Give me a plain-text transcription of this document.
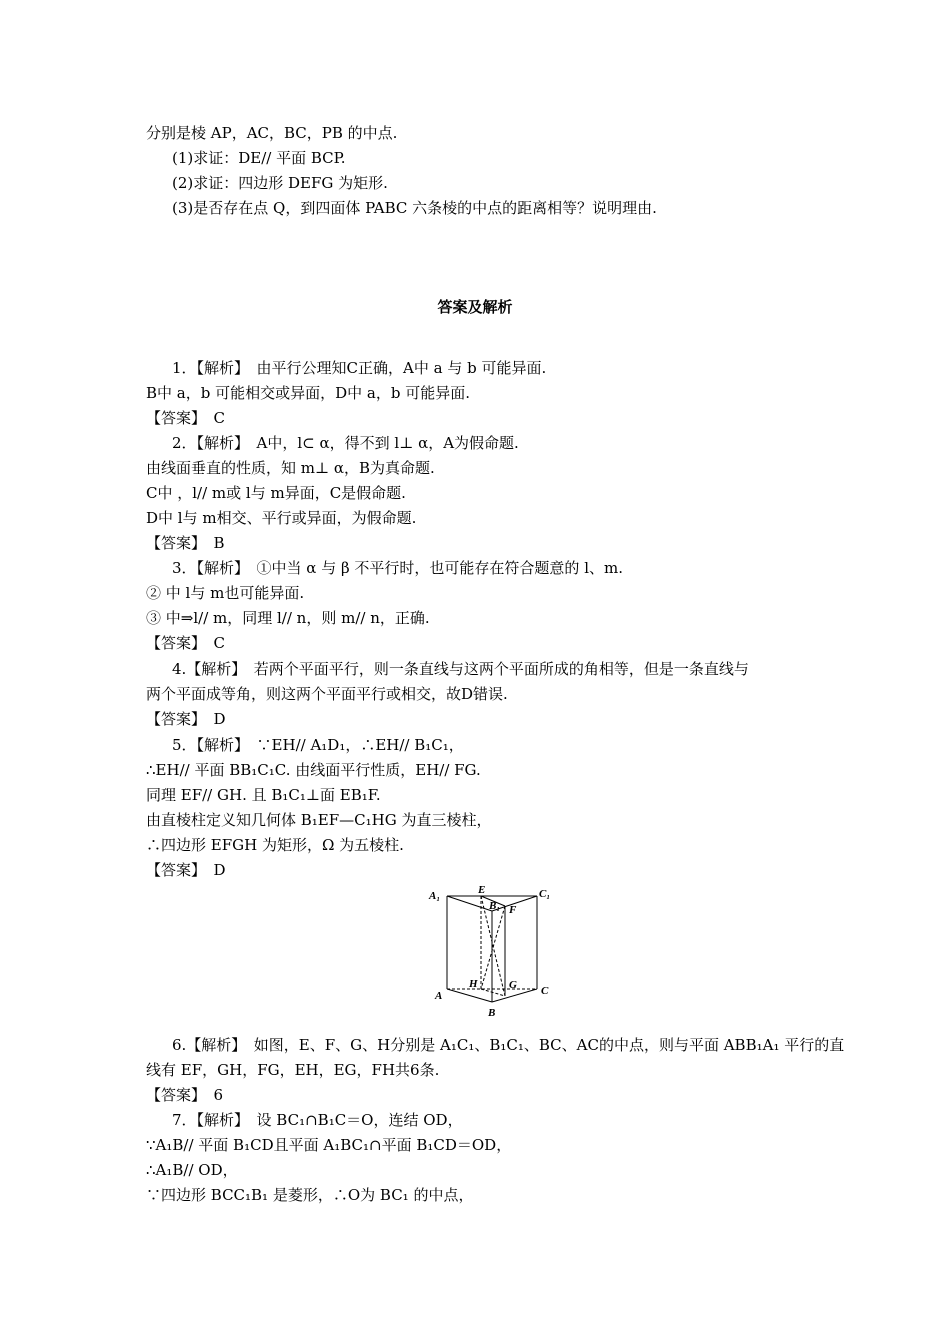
分别是棱 AP，AC，BC，PB 的中点.
(1)求证：DE// 平面 BCP.
(2)求证：四边形 DEFG 为矩形.
(3)是否存在点 Q，到四面体 PABC 六条棱的中点的距离相等？说明理由.
答案及解析
1．【解析】　由平行公理知C正确，A中 a 与 b 可能异面.
B中 a，b 可能相交或异面，D中 a，b 可能异面.
【答案】　C
2．【解析】　A中，l⊂ α，得不到 l⊥ α，A为假命题.
由线面垂直的性质，知 m⊥ α，B为真命题.
C中 ，l// m或 l与 m异面，C是假命题.
D中 l与 m相交、平行或异面，为假命题.
【答案】　B
3．【解析】　①中当 α 与 β 不平行时，也可能存在符合题意的 l、m.
② 中 l与 m也可能异面.
③ 中⇒l// m，同理 l// n，则 m// n，正确.
【答案】　C
4.【解析】　若两个平面平行，则一条直线与这两个平面所成的角相等，但是一条直线与
两个平面成等角，则这两个平面平行或相交，故D错误.
【答案】　D
5．【解析】　∵EH// A₁D₁，∴EH// B₁C₁，
∴EH// 平面 BB₁C₁C. 由线面平行性质，EH// FG.
同理 EF// GH. 且 B₁C₁⊥面 EB₁F.
由直棱柱定义知几何体 B₁EF—C₁HG 为直三棱柱，
∴四边形 EFGH 为矩形，Ω 为五棱柱.
【答案】　D
A₁	E	C₁
B₁ F
H	G
A	C
B
6.【解析】　如图，E、F、G、H分别是 A₁C₁、B₁C₁、BC、AC的中点，则与平面 ABB₁A₁ 平行的直
线有 EF，GH，FG，EH，EG，FH共6条.
【答案】　6
7．【解析】　设 BC₁∩B₁C＝O，连结 OD，
∵A₁B// 平面 B₁CD且平面 A₁BC₁∩平面 B₁CD＝OD，
∴A₁B// OD，
∵四边形 BCC₁B₁ 是菱形，∴O为 BC₁ 的中点，
